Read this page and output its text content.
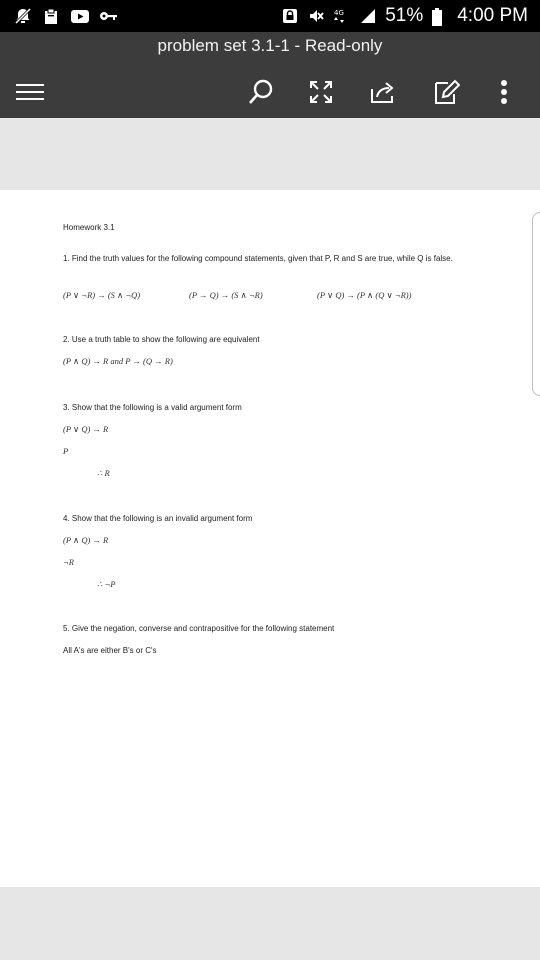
4G 51% 4:00 PM
problem set 3.1-1 - Read-only
Homework 3.1
1. Find the truth values for the following compound statements, given that P, R and S are true, while Q is false.
(P ∨ ¬R) → (S ∧ ¬Q)	(P → Q) → (S ∧ ¬R)	(P ∨ Q) → (P ∧ (Q ∨ ¬R))
2. Use a truth table to show the following are equivalent
(P ∧ Q) → R and P → (Q → R)
3. Show that the following is a valid argument form
(P ∨ Q) → R
P
∴ R
4. Show that the following is an invalid argument form
(P ∧ Q) → R
¬R
∴ ¬P
5. Give the negation, converse and contrapositive for the following statement
All A's are either B's or C's
